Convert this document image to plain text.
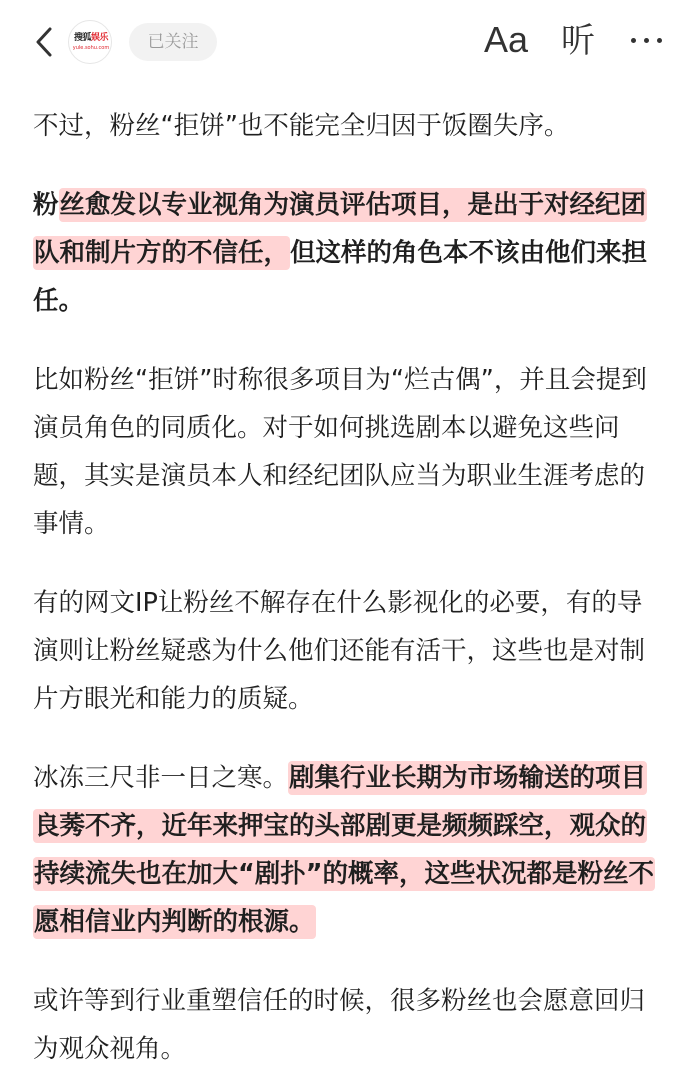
搜狐娱乐
yule.sohu.com	已关注	Aa 听

不过，粉丝“拒饼”也不能完全归因于饭圈失序。

粉丝愈发以专业视角为演员评估项目，是出于对经纪团队和制片方的不信任，但这样的角色本不该由他们来担任。

比如粉丝“拒饼”时称很多项目为“烂古偶”，并且会提到演员角色的同质化。对于如何挑选剧本以避免这些问题，其实是演员本人和经纪团队应当为职业生涯考虑的事情。

有的网文IP让粉丝不解存在什么影视化的必要，有的导演则让粉丝疑惑为什么他们还能有活干，这些也是对制片方眼光和能力的质疑。

冰冻三尺非一日之寒。剧集行业长期为市场输送的项目良莠不齐，近年来押宝的头部剧更是频频踩空，观众的持续流失也在加大“剧扑”的概率，这些状况都是粉丝不愿相信业内判断的根源。

或许等到行业重塑信任的时候，很多粉丝也会愿意回归为观众视角。
